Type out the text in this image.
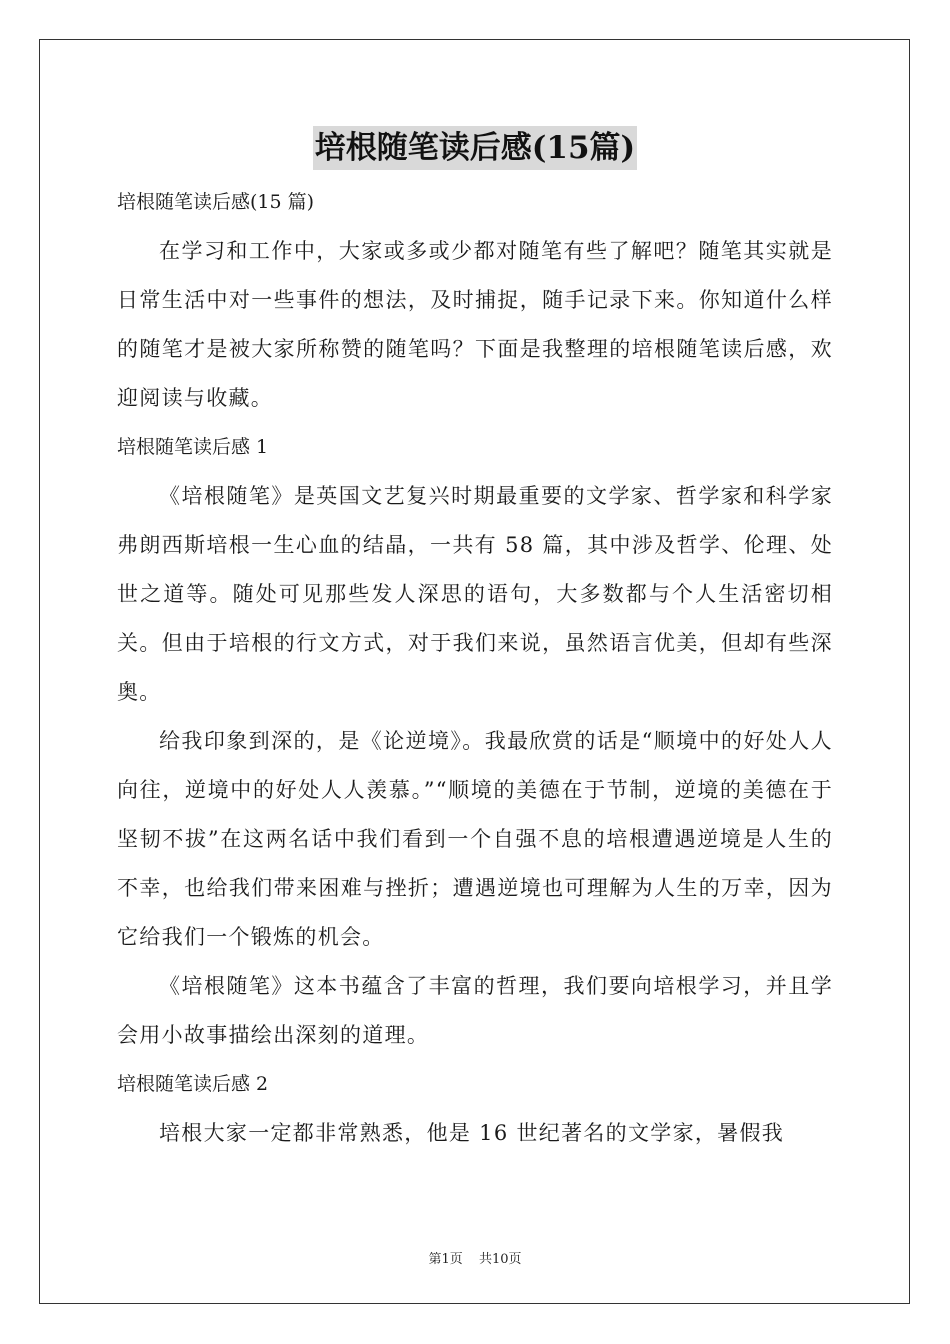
培根随笔读后感(15篇)

培根随笔读后感(15 篇)

在学习和工作中，大家或多或少都对随笔有些了解吧？随笔其实就是日常生活中对一些事件的想法，及时捕捉，随手记录下来。你知道什么样的随笔才是被大家所称赞的随笔吗？下面是我整理的培根随笔读后感，欢迎阅读与收藏。

培根随笔读后感 1

《培根随笔》是英国文艺复兴时期最重要的文学家、哲学家和科学家弗朗西斯培根一生心血的结晶，一共有 58 篇，其中涉及哲学、伦理、处世之道等。随处可见那些发人深思的语句，大多数都与个人生活密切相关。但由于培根的行文方式，对于我们来说，虽然语言优美，但却有些深奥。

给我印象到深的，是《论逆境》。我最欣赏的话是“顺境中的好处人人向往，逆境中的好处人人羡慕。”“顺境的美德在于节制，逆境的美德在于坚韧不拔”在这两名话中我们看到一个自强不息的培根遭遇逆境是人生的不幸，也给我们带来困难与挫折；遭遇逆境也可理解为人生的万幸，因为它给我们一个锻炼的机会。

《培根随笔》这本书蕴含了丰富的哲理，我们要向培根学习，并且学会用小故事描绘出深刻的道理。

培根随笔读后感 2

培根大家一定都非常熟悉，他是 16 世纪著名的文学家，暑假我

第1页 共10页
